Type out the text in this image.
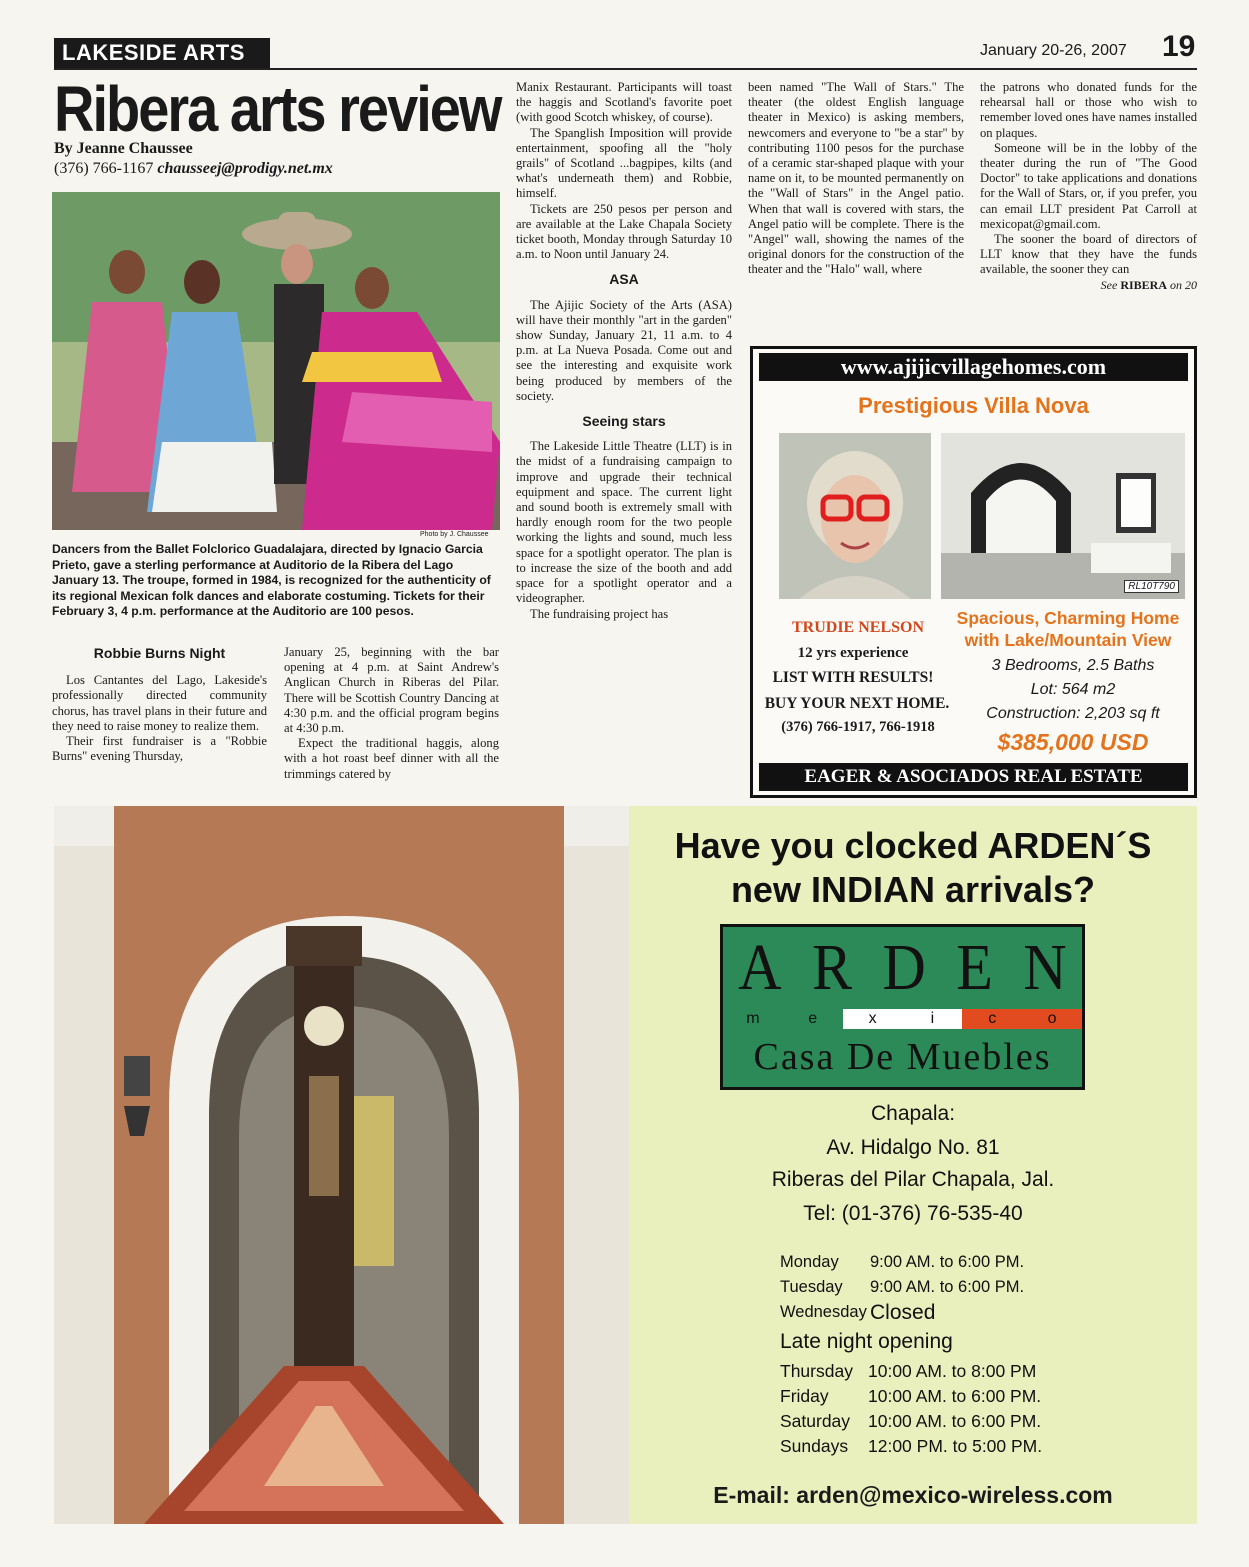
LAKESIDE ARTS	January 20-26, 2007 19
Ribera arts review
By Jeanne Chaussee
(376) 766-1167 chausseej@prodigy.net.mx
Photo by J. Chaussee
Dancers from the Ballet Folclorico Guadalajara, directed by Ignacio Garcia Prieto, gave a sterling performance at Auditorio de la Ribera del Lago January 13. The troupe, formed in 1984, is recognized for the authenticity of its regional Mexican folk dances and elaborate costuming. Tickets for their February 3, 4 p.m. performance at the Auditorio are 100 pesos.
Robbie Burns Night

Los Cantantes del Lago, Lakeside's professionally directed community chorus, has travel plans in their future and they need to raise money to realize them.

Their first fundraiser is a "Robbie Burns" evening Thursday,

January 25, beginning with the bar opening at 4 p.m. at Saint Andrew's Anglican Church in Riberas del Pilar. There will be Scottish Country Dancing at 4:30 p.m. and the official program begins at 4:30 p.m.

Expect the traditional haggis, along with a hot roast beef dinner with all the trimmings catered by

Manix Restaurant. Participants will toast the haggis and Scotland's favorite poet (with good Scotch whiskey, of course).

The Spanglish Imposition will provide entertainment, spoofing all the "holy grails" of Scotland ...bagpipes, kilts (and what's underneath them) and Robbie, himself.

Tickets are 250 pesos per person and are available at the Lake Chapala Society ticket booth, Monday through Saturday 10 a.m. to Noon until January 24.

ASA

The Ajijic Society of the Arts (ASA) will have their monthly "art in the garden" show Sunday, January 21, 11 a.m. to 4 p.m. at La Nueva Posada. Come out and see the interesting and exquisite work being produced by members of the society.

Seeing stars

The Lakeside Little Theatre (LLT) is in the midst of a fundraising campaign to improve and upgrade their technical equipment and space. The current light and sound booth is extremely small with hardly enough room for the two people working the lights and sound, much less space for a spotlight operator. The plan is to increase the size of the booth and add space for a spotlight operator and a videographer.

The fundraising project has

been named "The Wall of Stars." The theater (the oldest English language theater in Mexico) is asking members, newcomers and everyone to "be a star" by contributing 1100 pesos for the purchase of a ceramic star-shaped plaque with your name on it, to be mounted permanently on the "Wall of Stars" in the Angel patio. When that wall is covered with stars, the Angel patio will be complete. There is the "Angel" wall, showing the names of the original donors for the construction of the theater and the "Halo" wall, where

the patrons who donated funds for the rehearsal hall or those who wish to remember loved ones have names installed on plaques.

Someone will be in the lobby of the theater during the run of "The Good Doctor" to take applications and donations for the Wall of Stars, or, if you prefer, you can email LLT president Pat Carroll at mexicopat@gmail.com.

The sooner the board of directors of LLT know that they have the funds available, the sooner they can

See RIBERA on 20
www.ajijicvillagehomes.com
Prestigious Villa Nova
RL10T790
TRUDIE NELSON
12 yrs experience
LIST WITH RESULTS!
BUY YOUR NEXT HOME.
(376) 766-1917, 766-1918
Spacious, Charming Home
with Lake/Mountain View
3 Bedrooms, 2.5 Baths
Lot: 564 m2
Construction: 2,203 sq ft
$385,000 USD
EAGER & ASOCIADOS REAL ESTATE
Have you clocked ARDEN´S
new INDIAN arrivals?
A R D E N
m	e	x	i	c	o
Casa De Muebles
Chapala:
Av. Hidalgo No. 81
Riberas del Pilar Chapala, Jal.
Tel: (01-376) 76-535-40
Monday	9:00 AM. to 6:00 PM.
Tuesday	9:00 AM. to 6:00 PM.
Wednesday Closed
Late night opening
Thursday 10:00 AM. to 8:00 PM
Friday	10:00 AM. to 6:00 PM.
Saturday	10:00 AM. to 6:00 PM.
Sundays	12:00 PM. to 5:00 PM.
E-mail: arden@mexico-wireless.com
